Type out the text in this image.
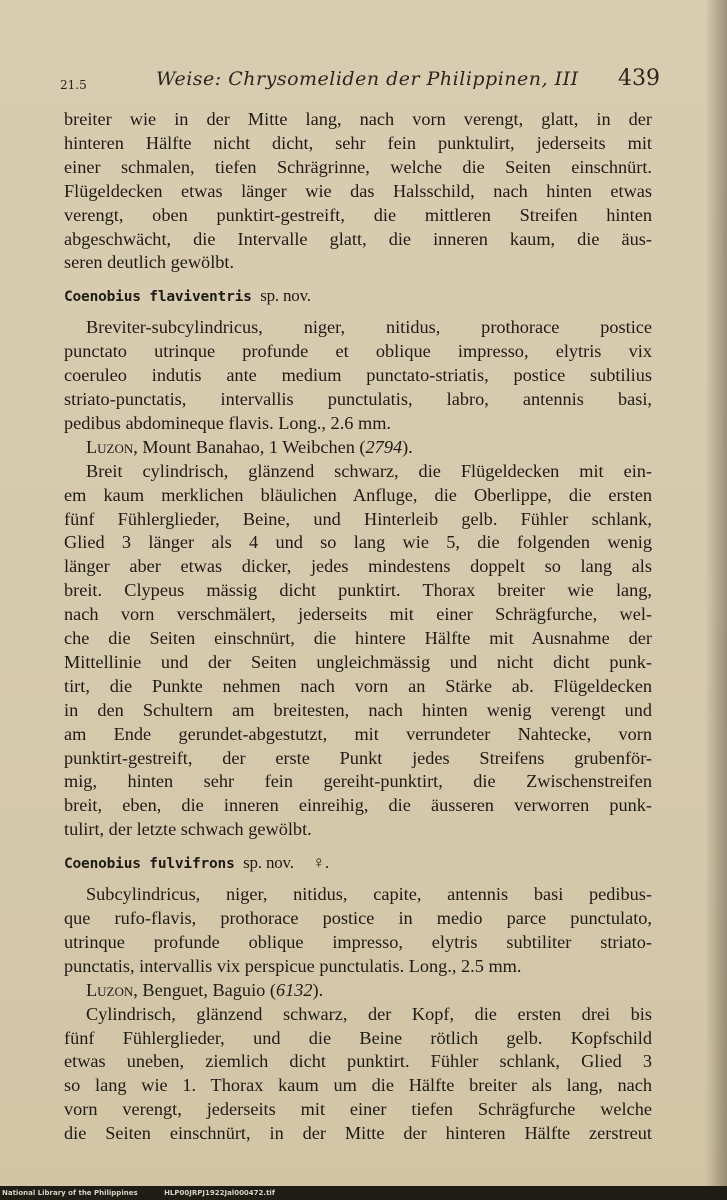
21.5	Weise: Chrysomeliden der Philippinen, III 439
breiter wie in der Mitte lang, nach vorn verengt, glatt, in der
hinteren Hälfte nicht dicht, sehr fein punktulirt, jederseits mit
einer schmalen, tiefen Schrägrinne, welche die Seiten einschnürt.
Flügeldecken etwas länger wie das Halsschild, nach hinten etwas
verengt, oben punktirt-gestreift, die mittleren Streifen hinten
abgeschwächt, die Intervalle glatt, die inneren kaum, die äus-
seren deutlich gewölbt.
Coenobius flaviventris sp. nov.
Breviter-subcylindricus, niger, nitidus, prothorace postice
punctato utrinque profunde et oblique impresso, elytris vix
coeruleo indutis ante medium punctato-striatis, postice subtilius
striato-punctatis, intervallis punctulatis, labro, antennis basi,
pedibus abdomineque flavis. Long., 2.6 mm.
Luzon, Mount Banahao, 1 Weibchen (2794).
Breit cylindrisch, glänzend schwarz, die Flügeldecken mit ein-
em kaum merklichen bläulichen Anfluge, die Oberlippe, die ersten
fünf Fühlerglieder, Beine, und Hinterleib gelb. Fühler schlank,
Glied 3 länger als 4 und so lang wie 5, die folgenden wenig
länger aber etwas dicker, jedes mindestens doppelt so lang als
breit. Clypeus mässig dicht punktirt. Thorax breiter wie lang,
nach vorn verschmälert, jederseits mit einer Schrägfurche, wel-
che die Seiten einschnürt, die hintere Hälfte mit Ausnahme der
Mittellinie und der Seiten ungleichmässig und nicht dicht punk-
tirt, die Punkte nehmen nach vorn an Stärke ab. Flügeldecken
in den Schultern am breitesten, nach hinten wenig verengt und
am Ende gerundet-abgestutzt, mit verrundeter Nahtecke, vorn
punktirt-gestreift, der erste Punkt jedes Streifens grubenför-
mig, hinten sehr fein gereiht-punktirt, die Zwischenstreifen
breit, eben, die inneren einreihig, die äusseren verworren punk-
tulirt, der letzte schwach gewölbt.
Coenobius fulvifrons sp. nov. ♀.
Subcylindricus, niger, nitidus, capite, antennis basi pedibus-
que rufo-flavis, prothorace postice in medio parce punctulato,
utrinque profunde oblique impresso, elytris subtiliter striato-
punctatis, intervallis vix perspicue punctulatis. Long., 2.5 mm.
Luzon, Benguet, Baguio (6132).
Cylindrisch, glänzend schwarz, der Kopf, die ersten drei bis
fünf Fühlerglieder, und die Beine rötlich gelb. Kopfschild
etwas uneben, ziemlich dicht punktirt. Fühler schlank, Glied 3
so lang wie 1. Thorax kaum um die Hälfte breiter als lang, nach
vorn verengt, jederseits mit einer tiefen Schrägfurche welche
die Seiten einschnürt, in der Mitte der hinteren Hälfte zerstreut
National Library of the Philippines	HLP00JRPJ1922Jal000472.tif
